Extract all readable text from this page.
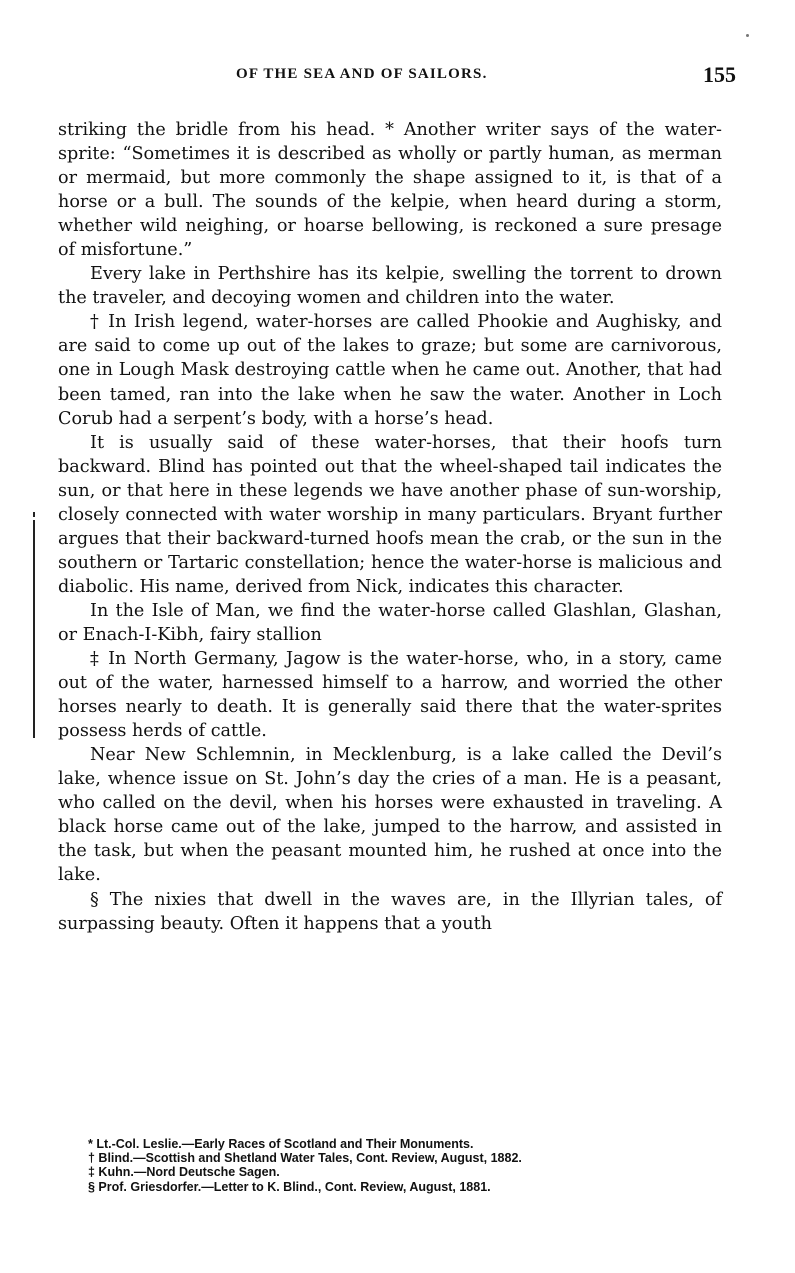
OF THE SEA AND OF SAILORS.	155

striking the bridle from his head. * Another writer says of the water-sprite: “Sometimes it is described as wholly or partly human, as merman or mermaid, but more commonly the shape assigned to it, is that of a horse or a bull. The sounds of the kelpie, when heard during a storm, whether wild neighing, or hoarse bellowing, is reckoned a sure presage of misfortune.”

Every lake in Perthshire has its kelpie, swelling the torrent to drown the traveler, and decoying women and children into the water.

† In Irish legend, water-horses are called Phookie and Aughisky, and are said to come up out of the lakes to graze; but some are carnivorous, one in Lough Mask destroying cattle when he came out. Another, that had been tamed, ran into the lake when he saw the water. Another in Loch Corub had a serpent’s body, with a horse’s head.

It is usually said of these water-horses, that their hoofs turn backward. Blind has pointed out that the wheel-shaped tail indicates the sun, or that here in these legends we have another phase of sun-worship, closely connected with water worship in many particulars. Bryant further argues that their backward-turned hoofs mean the crab, or the sun in the southern or Tartaric constellation; hence the water-horse is malicious and diabolic. His name, derived from Nick, indicates this character.

In the Isle of Man, we find the water-horse called Glashlan, Glashan, or Enach-I-Kibh, fairy stallion

‡ In North Germany, Jagow is the water-horse, who, in a story, came out of the water, harnessed himself to a harrow, and worried the other horses nearly to death. It is generally said there that the water-sprites possess herds of cattle.

Near New Schlemnin, in Mecklenburg, is a lake called the Devil’s lake, whence issue on St. John’s day the cries of a man. He is a peasant, who called on the devil, when his horses were exhausted in traveling. A black horse came out of the lake, jumped to the harrow, and assisted in the task, but when the peasant mounted him, he rushed at once into the lake.

§ The nixies that dwell in the waves are, in the Illyrian tales, of surpassing beauty. Often it happens that a youth

* Lt.-Col. Leslie.—Early Races of Scotland and Their Monuments.
† Blind.—Scottish and Shetland Water Tales, Cont. Review, August, 1882.
‡ Kuhn.—Nord Deutsche Sagen.
§ Prof. Griesdorfer.—Letter to K. Blind., Cont. Review, August, 1881.
